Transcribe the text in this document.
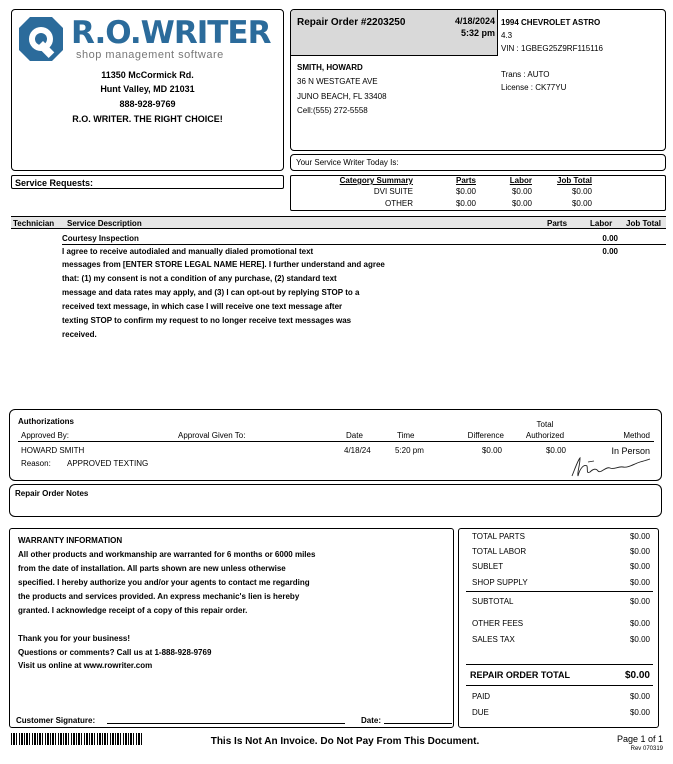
R.O.WRITER
shop management software
11350 McCormick Rd.
Hunt Valley, MD 21031
888-928-9769
R.O. WRITER. THE RIGHT CHOICE!
Repair Order #2203250	4/18/2024
5:32 pm
1994 CHEVROLET ASTRO
4.3
VIN : 1GBEG25Z9RF115116
Trans : AUTO
License : CK77YU
SMITH, HOWARD
36 N WESTGATE AVE
JUNO BEACH, FL 33408
Cell:(555) 272-5558
Your Service Writer Today Is:
Service Requests:	Category Summary	Parts	Labor	Job Total
DVI SUITE	$0.00	$0.00	$0.00
OTHER	$0.00	$0.00	$0.00
Technician Service Description	Parts	Labor Job Total
Courtesy Inspection	0.00
I agree to receive autodialed and manually dialed promotional text	0.00
messages from [ENTER STORE LEGAL NAME HERE]. I further understand and agree
that: (1) my consent is not a condition of any purchase, (2) standard text
message and data rates may apply, and (3) I can opt-out by replying STOP to a
received text message, in which case I will receive one text message after
texting STOP to confirm my request to no longer receive text messages was
received.
Authorizations	Total
Approved By:	Approval Given To:	Date	Time	Difference	Authorized	Method
HOWARD SMITH	4/18/24	5:20 pm	$0.00	$0.00	In Person
Reason: APPROVED TEXTING
Repair Order Notes
WARRANTY INFORMATION
All other products and workmanship are warranted for 6 months or 6000 miles
from the date of installation. All parts shown are new unless otherwise
specified. I hereby authorize you and/or your agents to contact me regarding
the products and services provided. An express mechanic's lien is hereby
granted. I acknowledge receipt of a copy of this repair order.
Thank you for your business!
Questions or comments? Call us at 1-888-928-9769
Visit us online at www.rowriter.com
Customer Signature:	Date:
TOTAL PARTS	$0.00
TOTAL LABOR	$0.00
SUBLET	$0.00
SHOP SUPPLY	$0.00
SUBTOTAL	$0.00
OTHER FEES	$0.00
SALES TAX	$0.00
REPAIR ORDER TOTAL	$0.00
PAID	$0.00
DUE	$0.00
This Is Not An Invoice. Do Not Pay From This Document.	Page 1 of 1
Rev 070319
